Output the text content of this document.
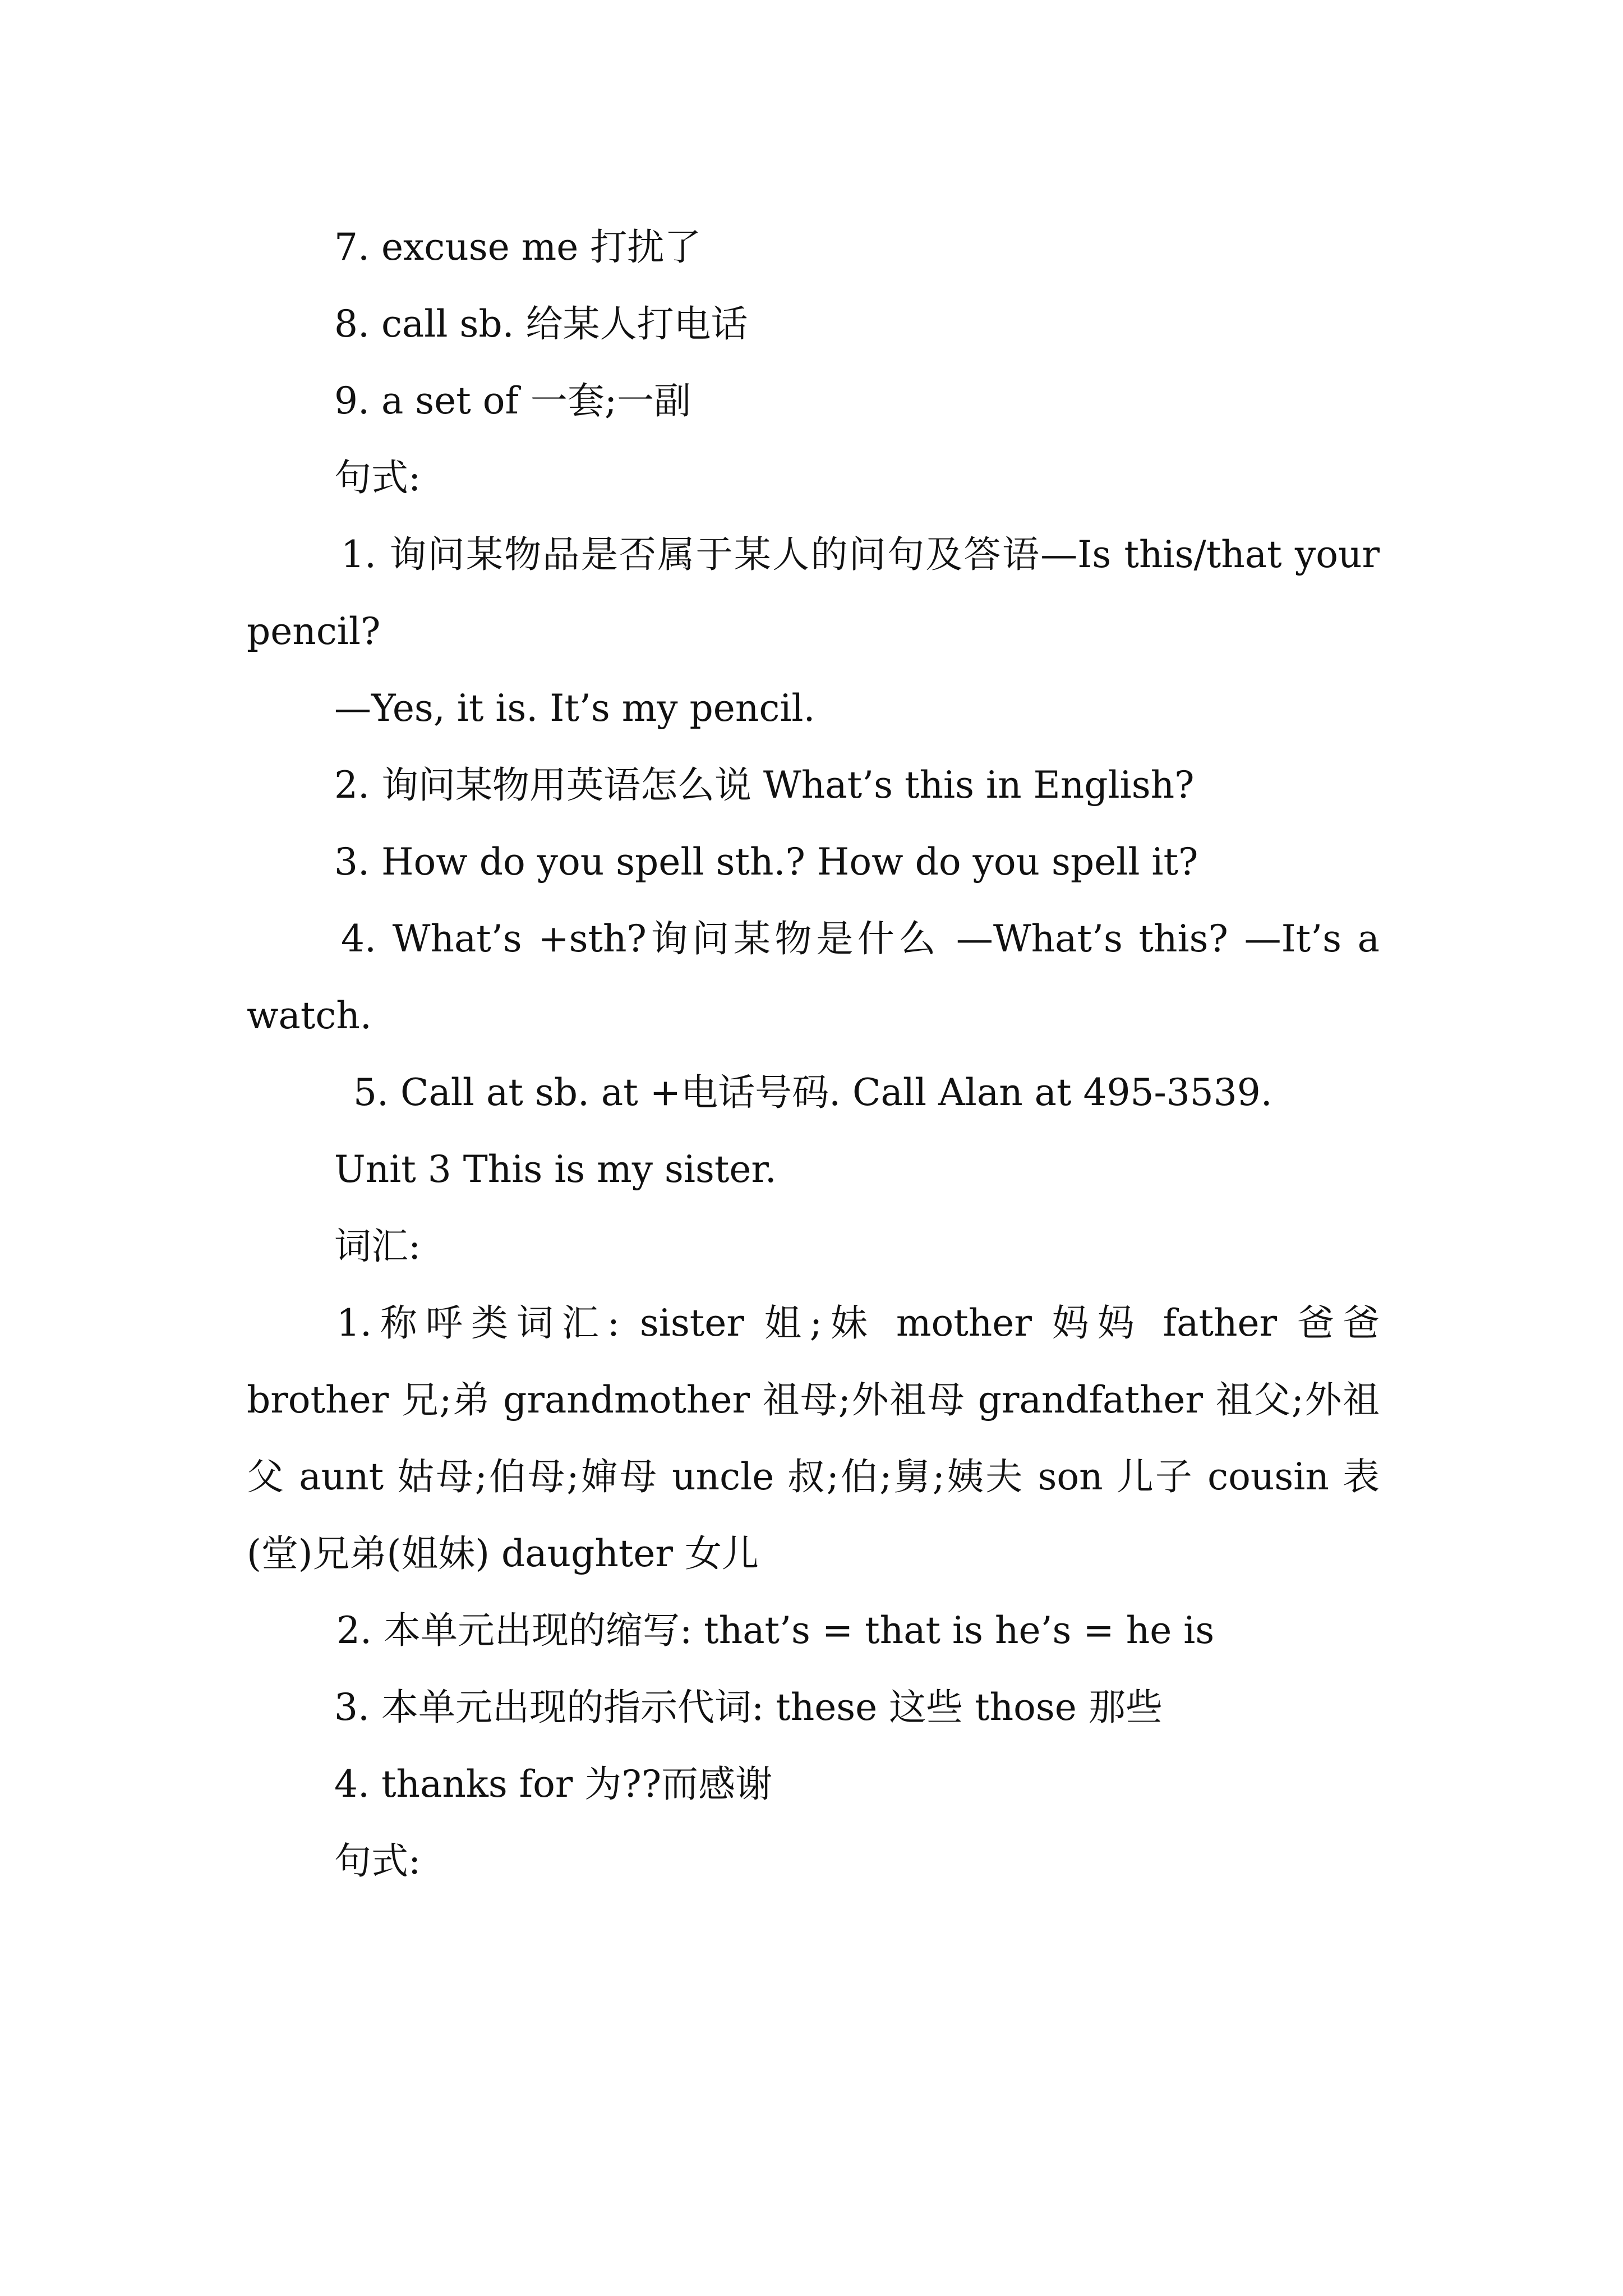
7. excuse me 打扰了

8. call sb. 给某人打电话

9. a set of 一套;一副

句式:

1. 询问某物品是否属于某人的问句及答语—Is this/that your pencil?

—Yes, it is. It’s my pencil.

2. 询问某物用英语怎么说 What’s this in English?

3. How do you spell sth.? How do you spell it?

4. What’s +sth?询问某物是什么 —What’s this? —It’s a watch.

5. Call at sb. at +电话号码. Call Alan at 495-3539.

Unit 3 This is my sister.

词汇:

1.称呼类词汇: sister 姐;妹 mother 妈妈 father 爸爸 brother 兄;弟 grandmother 祖母;外祖母 grandfather 祖父;外祖父 aunt 姑母;伯母;婶母 uncle 叔;伯;舅;姨夫 son 儿子 cousin 表(堂)兄弟(姐妹) daughter 女儿

2. 本单元出现的缩写: that’s = that is he’s = he is

3. 本单元出现的指示代词: these 这些 those 那些

4. thanks for 为??而感谢

句式:
